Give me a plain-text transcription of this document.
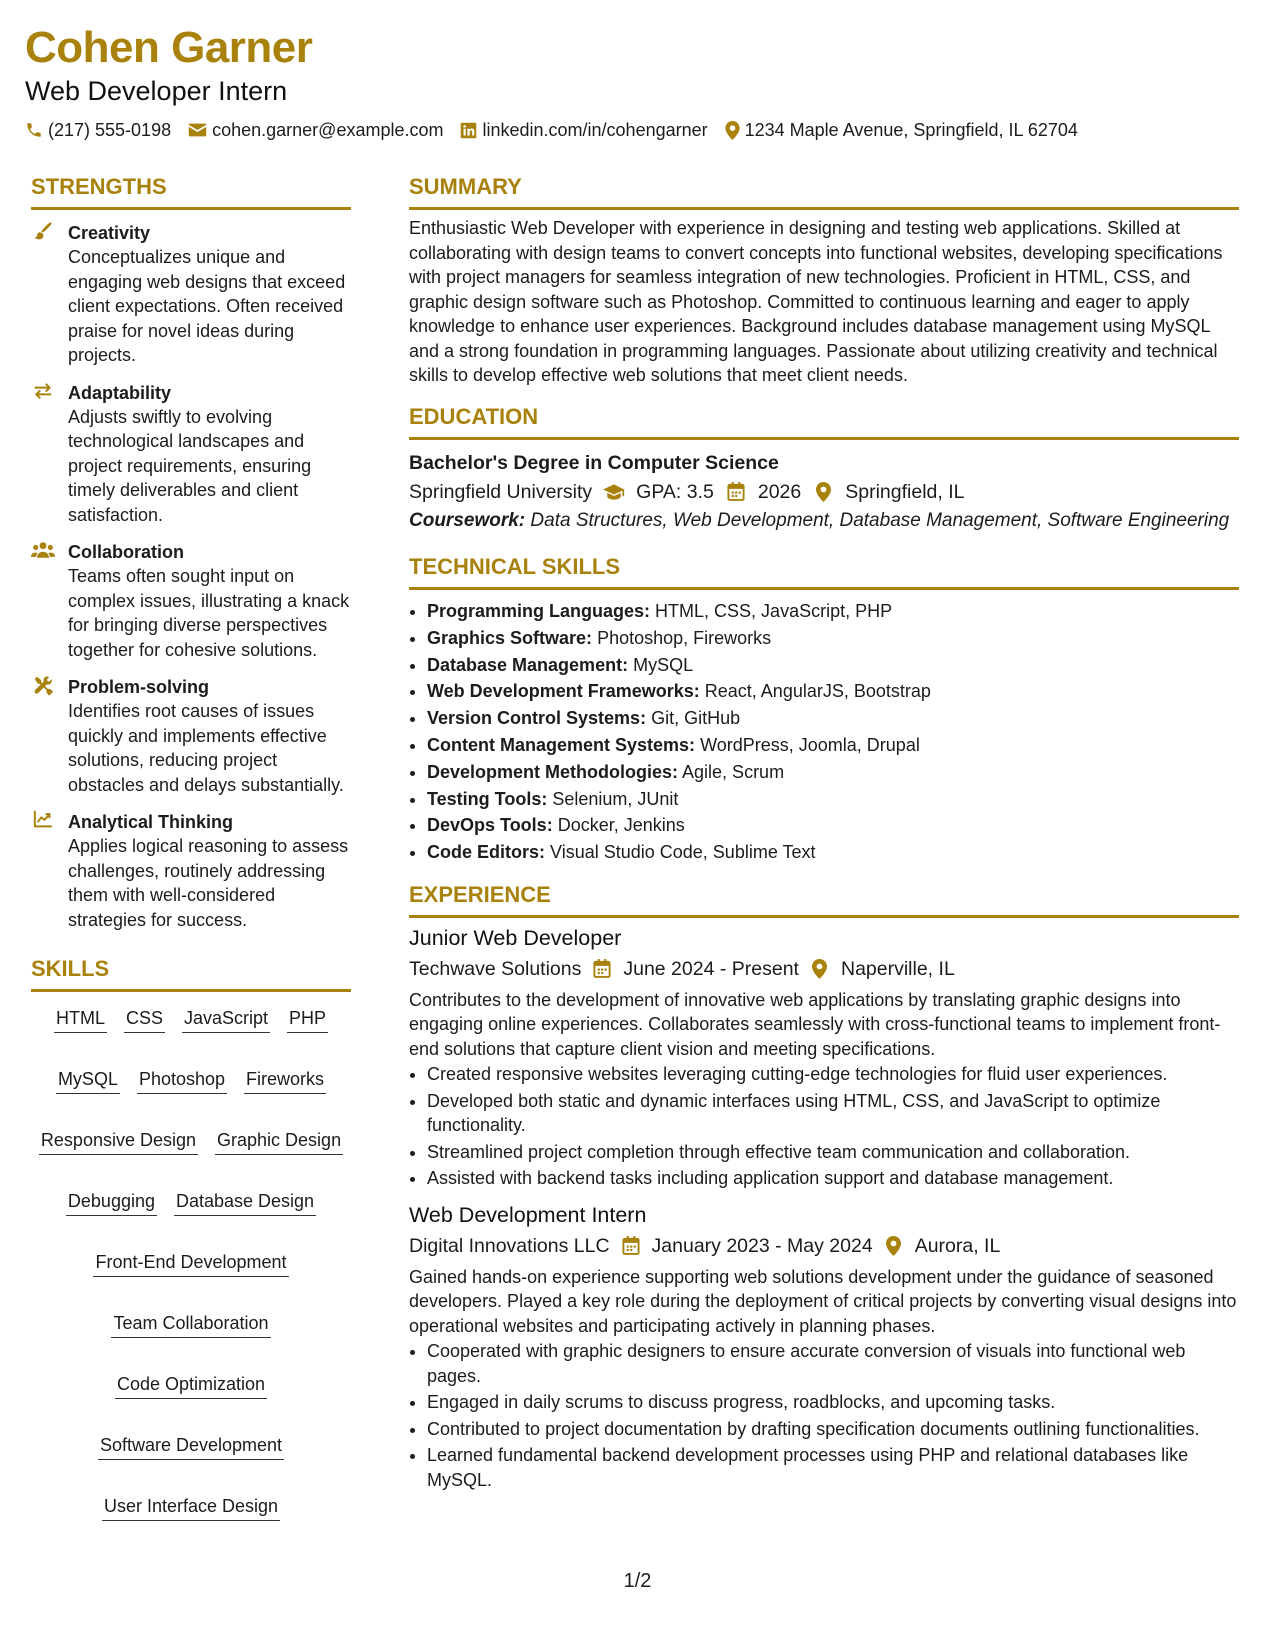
Cohen Garner
Web Developer Intern
(217) 555-0198 cohen.garner@example.com linkedin.com/in/cohengarner 1234 Maple Avenue, Springfield, IL 62704
STRENGTHS
Creativity
Conceptualizes unique and engaging web designs that exceed client expectations. Often received praise for novel ideas during projects.
Adaptability
Adjusts swiftly to evolving technological landscapes and project requirements, ensuring timely deliverables and client satisfaction.
Collaboration
Teams often sought input on complex issues, illustrating a knack for bringing diverse perspectives together for cohesive solutions.
Problem-solving
Identifies root causes of issues quickly and implements effective solutions, reducing project obstacles and delays substantially.
Analytical Thinking
Applies logical reasoning to assess challenges, routinely addressing them with well-considered strategies for success.
SKILLS
HTML CSS JavaScript PHP
MySQL Photoshop Fireworks
Responsive Design Graphic Design
Debugging Database Design
Front-End Development
Team Collaboration
Code Optimization
Software Development
User Interface Design
SUMMARY
Enthusiastic Web Developer with experience in designing and testing web applications. Skilled at collaborating with design teams to convert concepts into functional websites, developing specifications with project managers for seamless integration of new technologies. Proficient in HTML, CSS, and graphic design software such as Photoshop. Committed to continuous learning and eager to apply knowledge to enhance user experiences. Background includes database management using MySQL and a strong foundation in programming languages. Passionate about utilizing creativity and technical skills to develop effective web solutions that meet client needs.
EDUCATION
Bachelor's Degree in Computer Science
Springfield University GPA: 3.5 2026 Springfield, IL
Coursework: Data Structures, Web Development, Database Management, Software Engineering
TECHNICAL SKILLS
• Programming Languages: HTML, CSS, JavaScript, PHP
• Graphics Software: Photoshop, Fireworks
• Database Management: MySQL
• Web Development Frameworks: React, AngularJS, Bootstrap
• Version Control Systems: Git, GitHub
• Content Management Systems: WordPress, Joomla, Drupal
• Development Methodologies: Agile, Scrum
• Testing Tools: Selenium, JUnit
• DevOps Tools: Docker, Jenkins
• Code Editors: Visual Studio Code, Sublime Text
EXPERIENCE
Junior Web Developer
Techwave Solutions June 2024 - Present Naperville, IL
Contributes to the development of innovative web applications by translating graphic designs into engaging online experiences. Collaborates seamlessly with cross-functional teams to implement front-end solutions that capture client vision and meeting specifications.
• Created responsive websites leveraging cutting-edge technologies for fluid user experiences.
• Developed both static and dynamic interfaces using HTML, CSS, and JavaScript to optimize functionality.
• Streamlined project completion through effective team communication and collaboration.
• Assisted with backend tasks including application support and database management.
Web Development Intern
Digital Innovations LLC January 2023 - May 2024 Aurora, IL
Gained hands-on experience supporting web solutions development under the guidance of seasoned developers. Played a key role during the deployment of critical projects by converting visual designs into operational websites and participating actively in planning phases.
• Cooperated with graphic designers to ensure accurate conversion of visuals into functional web pages.
• Engaged in daily scrums to discuss progress, roadblocks, and upcoming tasks.
• Contributed to project documentation by drafting specification documents outlining functionalities.
• Learned fundamental backend development processes using PHP and relational databases like MySQL.
1/2
